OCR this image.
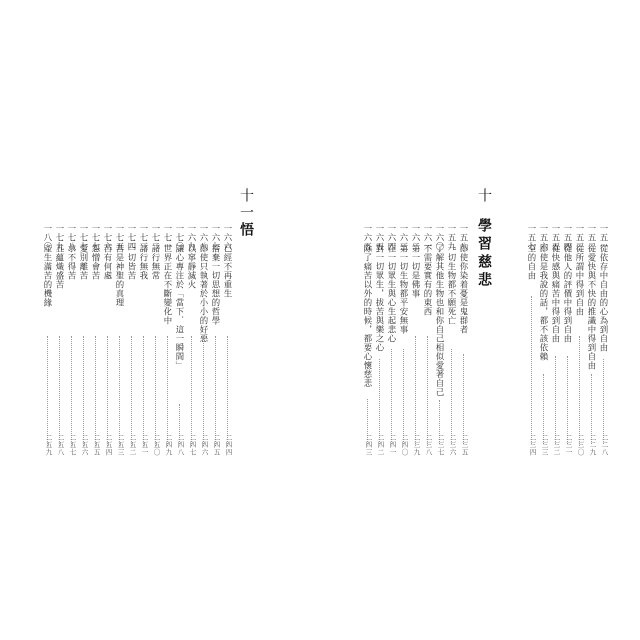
十一
悟
一六六
已經不再重生
二四四
一六七
捨棄一切思想的哲學
二四五
一六八
即使只執著於小小的好惡
二四六
一六九
以寧靜滅火
二四七
一七〇
讓心專注於「當下．這一瞬間」
二四八
一七一
世界正在不斷變化中
二四九
一七二
諸行無常
二五〇
一七三
諸行無我
二五一
一七四
一切皆苦
二五二
一七五
苦是神聖的真理
二五三
一七六
苦有何處
二五四
一七七
怨憎會苦
二五五
一七七
愛別離苦
二五六
一七八
求不得苦
二五七
一七九
五蘊熾盛苦
二五八
一八〇
產生滿苦的機緣
二五九
一五一
從依存中自由的心為到自由
二二八
一五二
從愛快與不快的推識中得到自由
二二九
一五三
從所謂中得到自由
二三〇
一五四
從他人的評價中得到自由
二三一
一五五
從快感與痛苦中得到自由
二三二
一五六
即使是我說的話，都不該依賴
二三三
一五七
空的自由
二三四
十
學習慈悲
一五八
即使你染着憂是鬼群者
二三五
一五九
一切生物都不願死亡
二三六
一六〇
了解其他生物也和你自己相似愛著自己
二三七
一六一
不需要實有的東西
二三八
一六二
第一切是佛事
二三九
一六三
第一切生物都平安無事
二四〇
一六四
在一切眾生與心生起悲心
二四一
一六五
對一切眾生，拔苦與樂之心
二四二
一六五
除了痛苦以外的時候，都要心懷慈悲
二四三
